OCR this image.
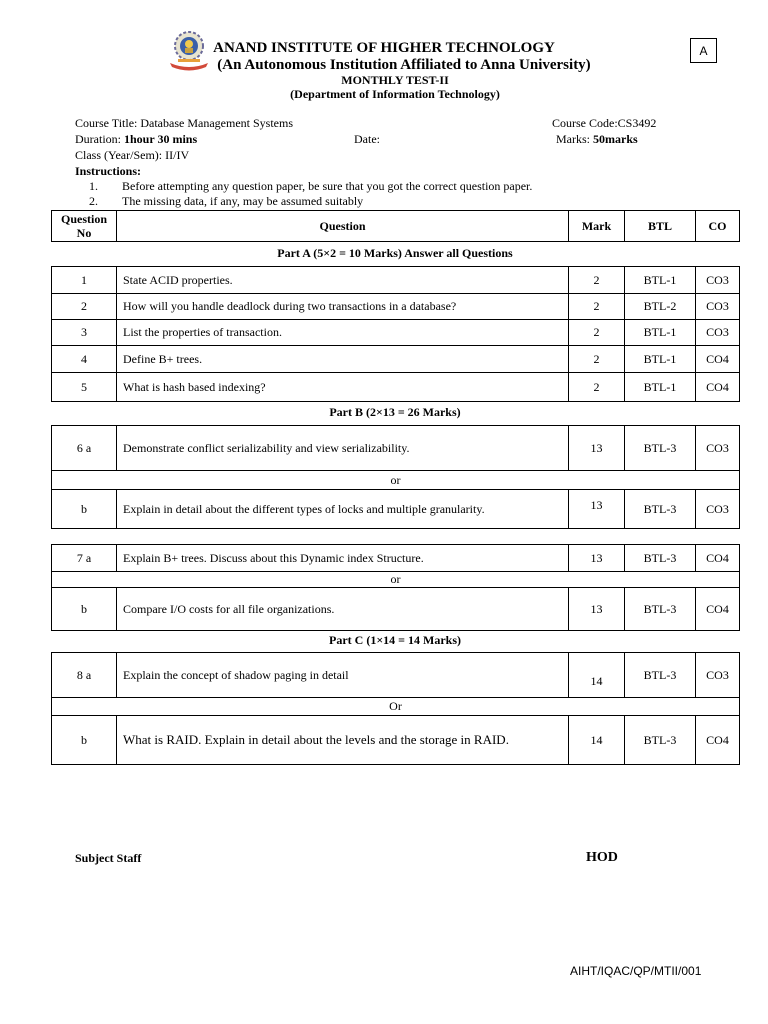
ANAND INSTITUTE OF HIGHER TECHNOLOGY
(An Autonomous Institution Affiliated to Anna University)
MONTHLY TEST-II
(Department of Information Technology)
A
Course Title: Database Management Systems	Course Code:CS3492
Duration: 1hour 30 mins	Date:	Marks: 50marks
Class (Year/Sem): II/IV
Instructions:
1. Before attempting any question paper, be sure that you got the correct question paper.
2. The missing data, if any, may be assumed suitably
Question
No	Question	Mark	BTL	CO
Part A (5×2 = 10 Marks) Answer all Questions
1	State ACID properties.	2	BTL-1	CO3
2	How will you handle deadlock during two transactions in a database?	2	BTL-2	CO3
3	List the properties of transaction.	2	BTL-1	CO3
4	Define B+ trees.	2	BTL-1	CO4
5	What is hash based indexing?	2	BTL-1	CO4
Part B (2×13 = 26 Marks)
6 a	Demonstrate conflict serializability and view serializability.	13	BTL-3	CO3
or				
b	Explain in detail about the different types of locks and multiple granularity.	13	BTL-3	CO3
7 a	Explain B+ trees. Discuss about this Dynamic index Structure.	13	BTL-3	CO4
or				
b	Compare I/O costs for all file organizations.	13	BTL-3	CO4
Part C (1×14 = 14 Marks)
8 a	Explain the concept of shadow paging in detail	14	BTL-3	CO3
Or				
b	What is RAID. Explain in detail about the levels and the storage in RAID.	14	BTL-3	CO4
Subject Staff	HOD
AIHT/IQAC/QP/MTII/001
